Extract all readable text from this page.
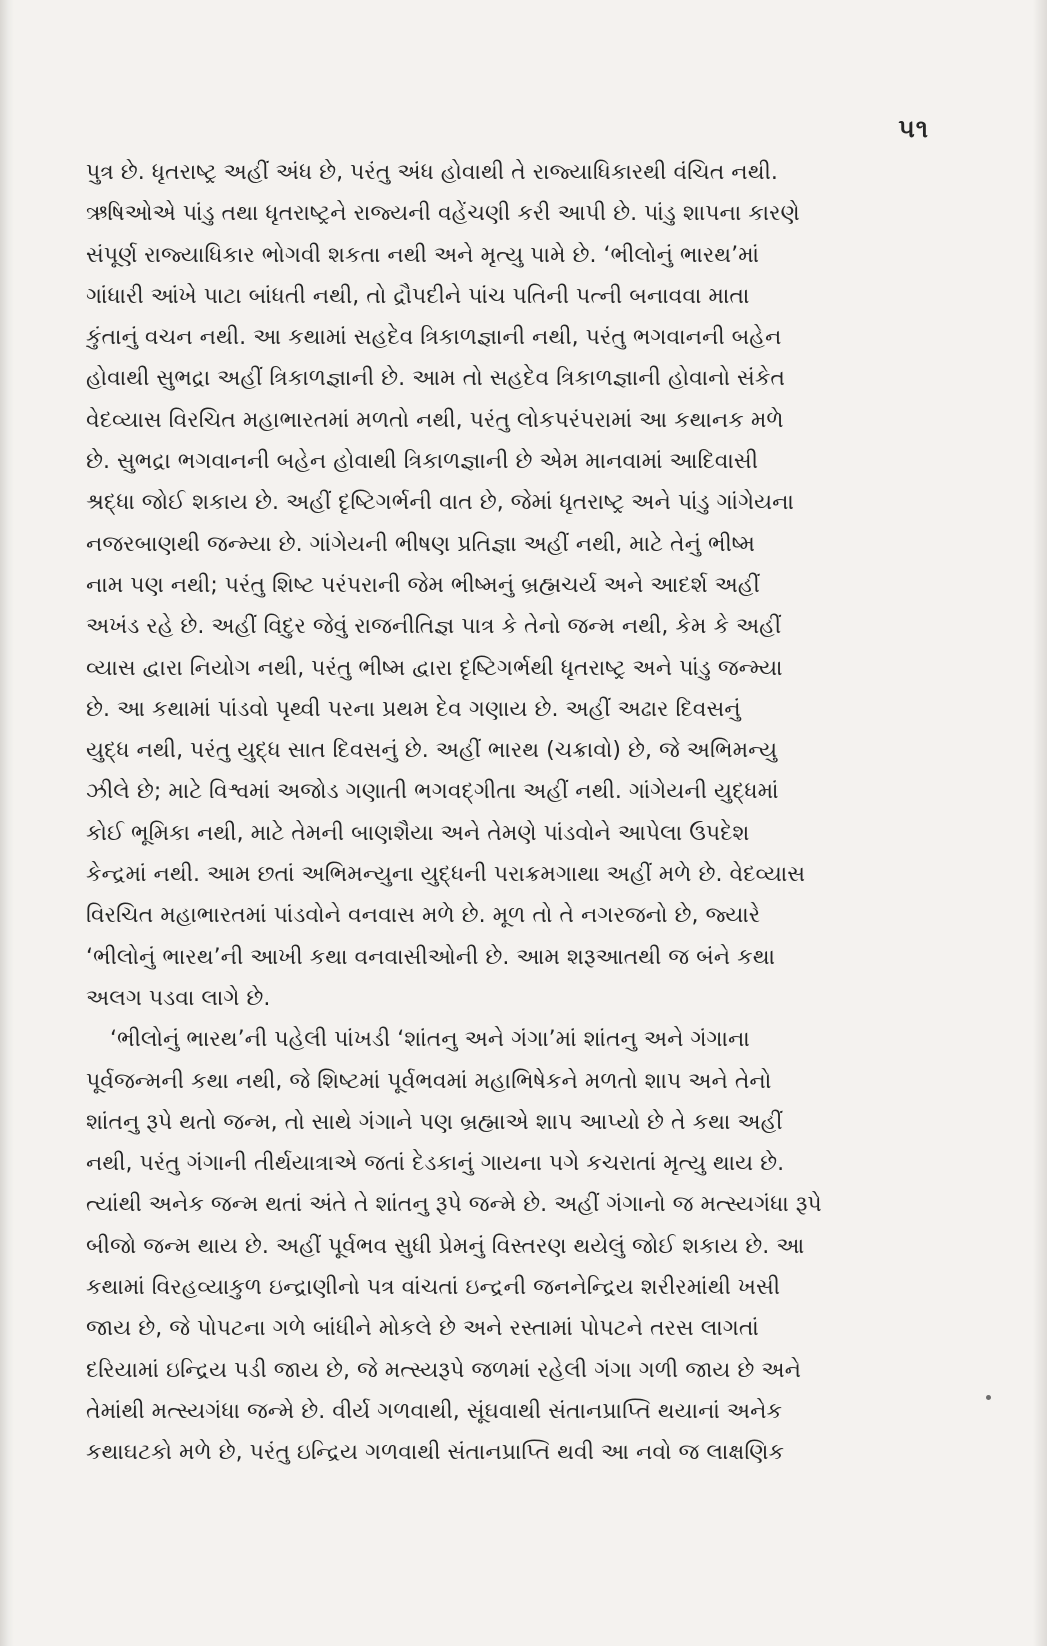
૫૧

પુત્ર છે. ધૃતરાષ્ટ્ર અહીં અંધ છે, પરંતુ અંધ હોવાથી તે રાજ્યાધિકારથી વંચિત નથી.
ઋષિઓએ પાંડુ તથા ધૃતરાષ્ટ્રને રાજ્યની વહેંચણી કરી આપી છે. પાંડુ શાપના કારણે
સંપૂર્ણ રાજ્યાધિકાર ભોગવી શકતા નથી અને મૃત્યુ પામે છે. ‘ભીલોનું ભારથ’માં
ગાંધારી આંખે પાટા બાંધતી નથી, તો દ્રૌપદીને પાંચ પતિની પત્ની બનાવવા માતા
કુંતાનું વચન નથી. આ કથામાં સહદેવ ત્રિકાળજ્ઞાની નથી, પરંતુ ભગવાનની બહેન
હોવાથી સુભદ્રા અહીં ત્રિકાળજ્ઞાની છે. આમ તો સહદેવ ત્રિકાળજ્ઞાની હોવાનો સંકેત
વેદવ્યાસ વિરચિત મહાભારતમાં મળતો નથી, પરંતુ લોકપરંપરામાં આ કથાનક મળે
છે. સુભદ્રા ભગવાનની બહેન હોવાથી ત્રિકાળજ્ઞાની છે એમ માનવામાં આદિવાસી
શ્રદ્ધા જોઈ શકાય છે. અહીં દૃષ્ટિગર્ભની વાત છે, જેમાં ધૃતરાષ્ટ્ર અને પાંડુ ગાંગેયના
નજરબાણથી જન્મ્યા છે. ગાંગેયની ભીષણ પ્રતિજ્ઞા અહીં નથી, માટે તેનું ભીષ્મ
નામ પણ નથી; પરંતુ શિષ્ટ પરંપરાની જેમ ભીષ્મનું બ્રહ્મચર્ય અને આદર્શ અહીં
અખંડ રહે છે. અહીં વિદુર જેવું રાજનીતિજ્ઞ પાત્ર કે તેનો જન્મ નથી, કેમ કે અહીં
વ્યાસ દ્વારા નિયોગ નથી, પરંતુ ભીષ્મ દ્વારા દૃષ્ટિગર્ભથી ધૃતરાષ્ટ્ર અને પાંડુ જન્મ્યા
છે. આ કથામાં પાંડવો પૃથ્વી પરના પ્રથમ દેવ ગણાય છે. અહીં અઢાર દિવસનું
યુદ્ધ નથી, પરંતુ યુદ્ધ સાત દિવસનું છે. અહીં ભારથ (ચક્રાવો) છે, જે અભિમન્યુ
ઝીલે છે; માટે વિશ્વમાં અજોડ ગણાતી ભગવદ્ગીતા અહીં નથી. ગાંગેયની યુદ્ધમાં
કોઈ ભૂમિકા નથી, માટે તેમની બાણશૈયા અને તેમણે પાંડવોને આપેલા ઉપદેશ
કેન્દ્રમાં નથી. આમ છતાં અભિમન્યુના યુદ્ધની પરાક્રમગાથા અહીં મળે છે. વેદવ્યાસ
વિરચિત મહાભારતમાં પાંડવોને વનવાસ મળે છે. મૂળ તો તે નગરજનો છે, જ્યારે
‘ભીલોનું ભારથ’ની આખી કથા વનવાસીઓની છે. આમ શરૂઆતથી જ બંને કથા
અલગ પડવા લાગે છે.
‘ભીલોનું ભારથ’ની પહેલી પાંખડી ‘શાંતનુ અને ગંગા’માં શાંતનુ અને ગંગાના
પૂર્વજન્મની કથા નથી, જે શિષ્ટમાં પૂર્વભવમાં મહાભિષેકને મળતો શાપ અને તેનો
શાંતનુ રૂપે થતો જન્મ, તો સાથે ગંગાને પણ બ્રહ્માએ શાપ આપ્યો છે તે કથા અહીં
નથી, પરંતુ ગંગાની તીર્થયાત્રાએ જતાં દેડકાનું ગાયના પગે કચરાતાં મૃત્યુ થાય છે.
ત્યાંથી અનેક જન્મ થતાં અંતે તે શાંતનુ રૂપે જન્મે છે. અહીં ગંગાનો જ મત્સ્યગંધા રૂપે
બીજો જન્મ થાય છે. અહીં પૂર્વભવ સુધી પ્રેમનું વિસ્તરણ થયેલું જોઈ શકાય છે. આ
કથામાં વિરહવ્યાકુળ ઇન્દ્રાણીનો પત્ર વાંચતાં ઇન્દ્રની જનનેન્દ્રિય શરીરમાંથી ખસી
જાય છે, જે પોપટના ગળે બાંધીને મોકલે છે અને રસ્તામાં પોપટને તરસ લાગતાં
દરિયામાં ઇન્દ્રિય પડી જાય છે, જે મત્સ્યરૂપે જળમાં રહેલી ગંગા ગળી જાય છે અને
તેમાંથી મત્સ્યગંધા જન્મે છે. વીર્ય ગળવાથી, સૂંઘવાથી સંતાનપ્રાપ્તિ થયાનાં અનેક
કથાઘટકો મળે છે, પરંતુ ઇન્દ્રિય ગળવાથી સંતાનપ્રાપ્તિ થવી આ નવો જ લાક્ષણિક
